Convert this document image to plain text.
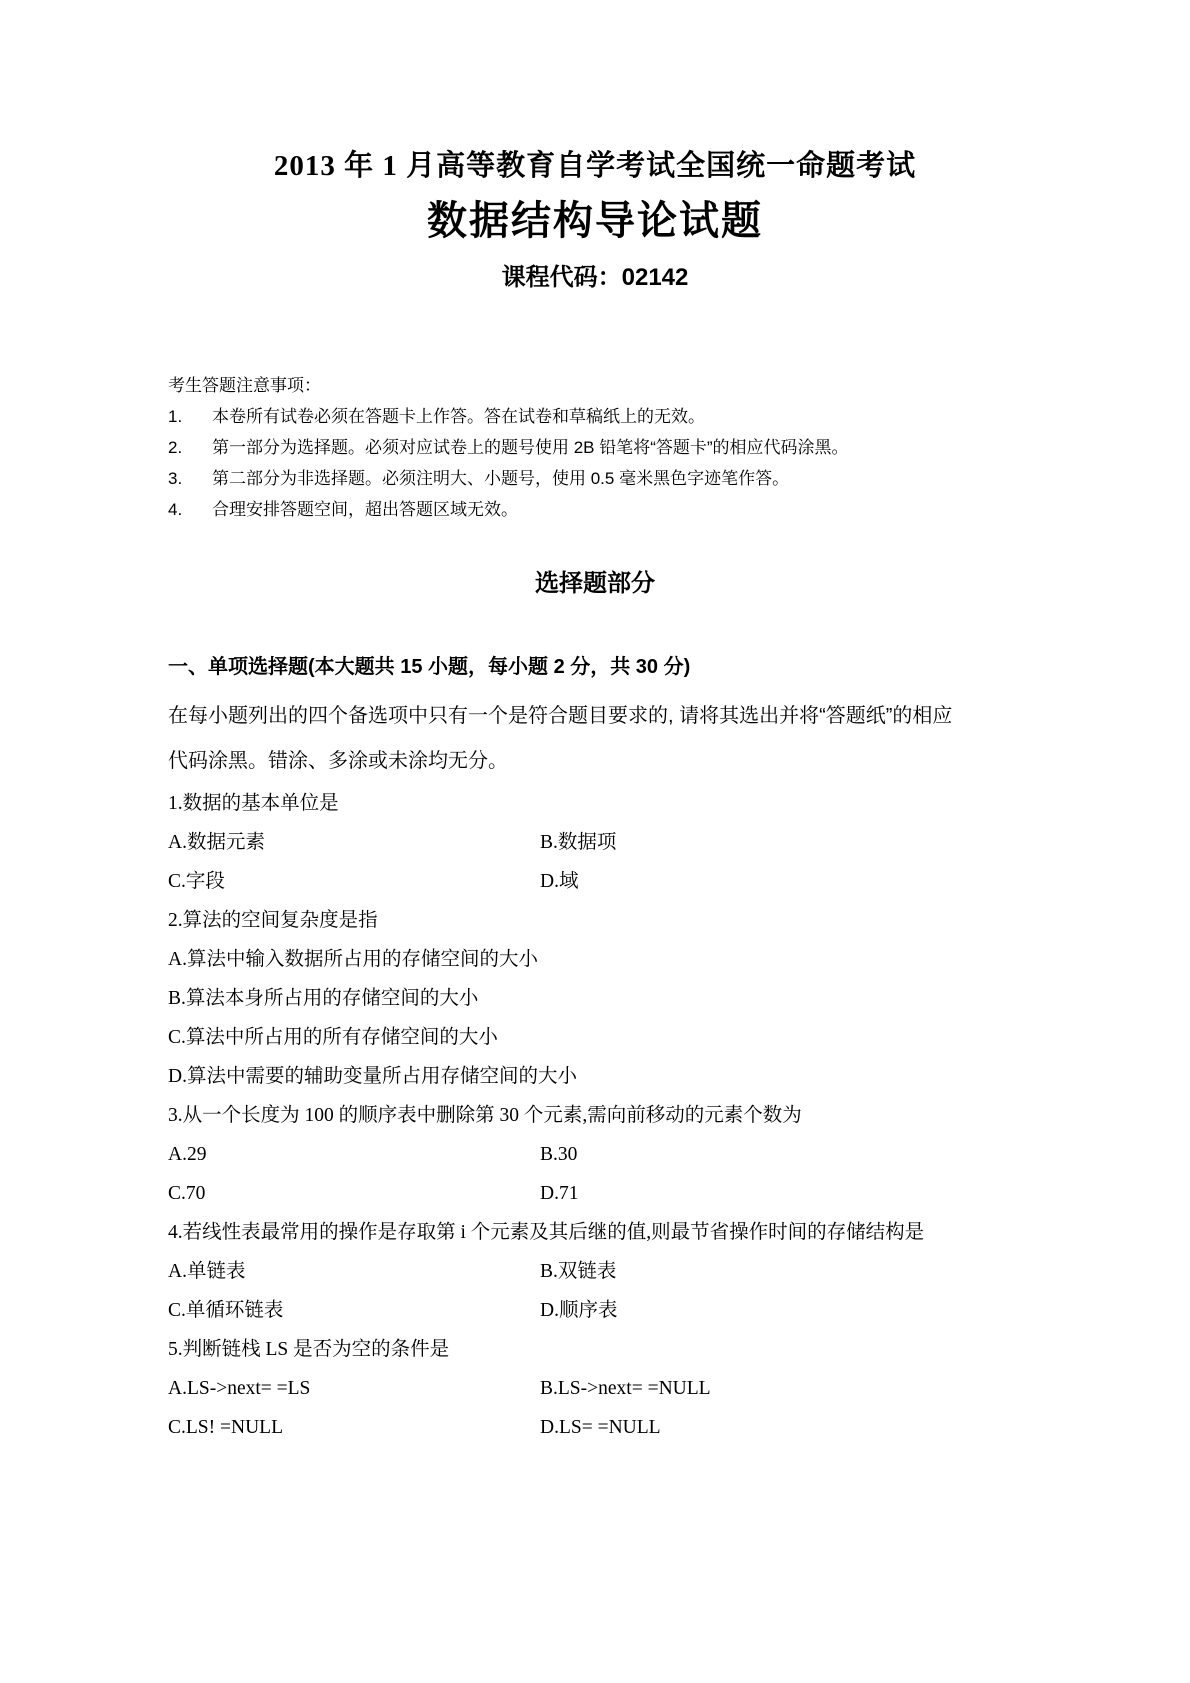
2013 年 1 月高等教育自学考试全国统一命题考试
数据结构导论试题
课程代码：02142
考生答题注意事项：
1.	本卷所有试卷必须在答题卡上作答。答在试卷和草稿纸上的无效。
2.	第一部分为选择题。必须对应试卷上的题号使用 2B 铅笔将“答题卡”的相应代码涂黑。
3.	第二部分为非选择题。必须注明大、小题号，使用 0.5 毫米黑色字迹笔作答。
4.	合理安排答题空间，超出答题区域无效。
选择题部分
一、单项选择题(本大题共 15 小题，每小题 2 分，共 30 分)
在每小题列出的四个备选项中只有一个是符合题目要求的, 请将其选出并将“答题纸”的相应
代码涂黑。错涂、多涂或未涂均无分。
1.数据的基本单位是
A.数据元素	B.数据项
C.字段	D.域
2.算法的空间复杂度是指
A.算法中输入数据所占用的存储空间的大小
B.算法本身所占用的存储空间的大小
C.算法中所占用的所有存储空间的大小
D.算法中需要的辅助变量所占用存储空间的大小
3.从一个长度为 100 的顺序表中删除第 30 个元素,需向前移动的元素个数为
A.29	B.30
C.70	D.71
4.若线性表最常用的操作是存取第 i 个元素及其后继的值,则最节省操作时间的存储结构是
A.单链表	B.双链表
C.单循环链表	D.顺序表
5.判断链栈 LS 是否为空的条件是
A.LS->next= =LS	B.LS->next= =NULL
C.LS! =NULL	D.LS= =NULL
